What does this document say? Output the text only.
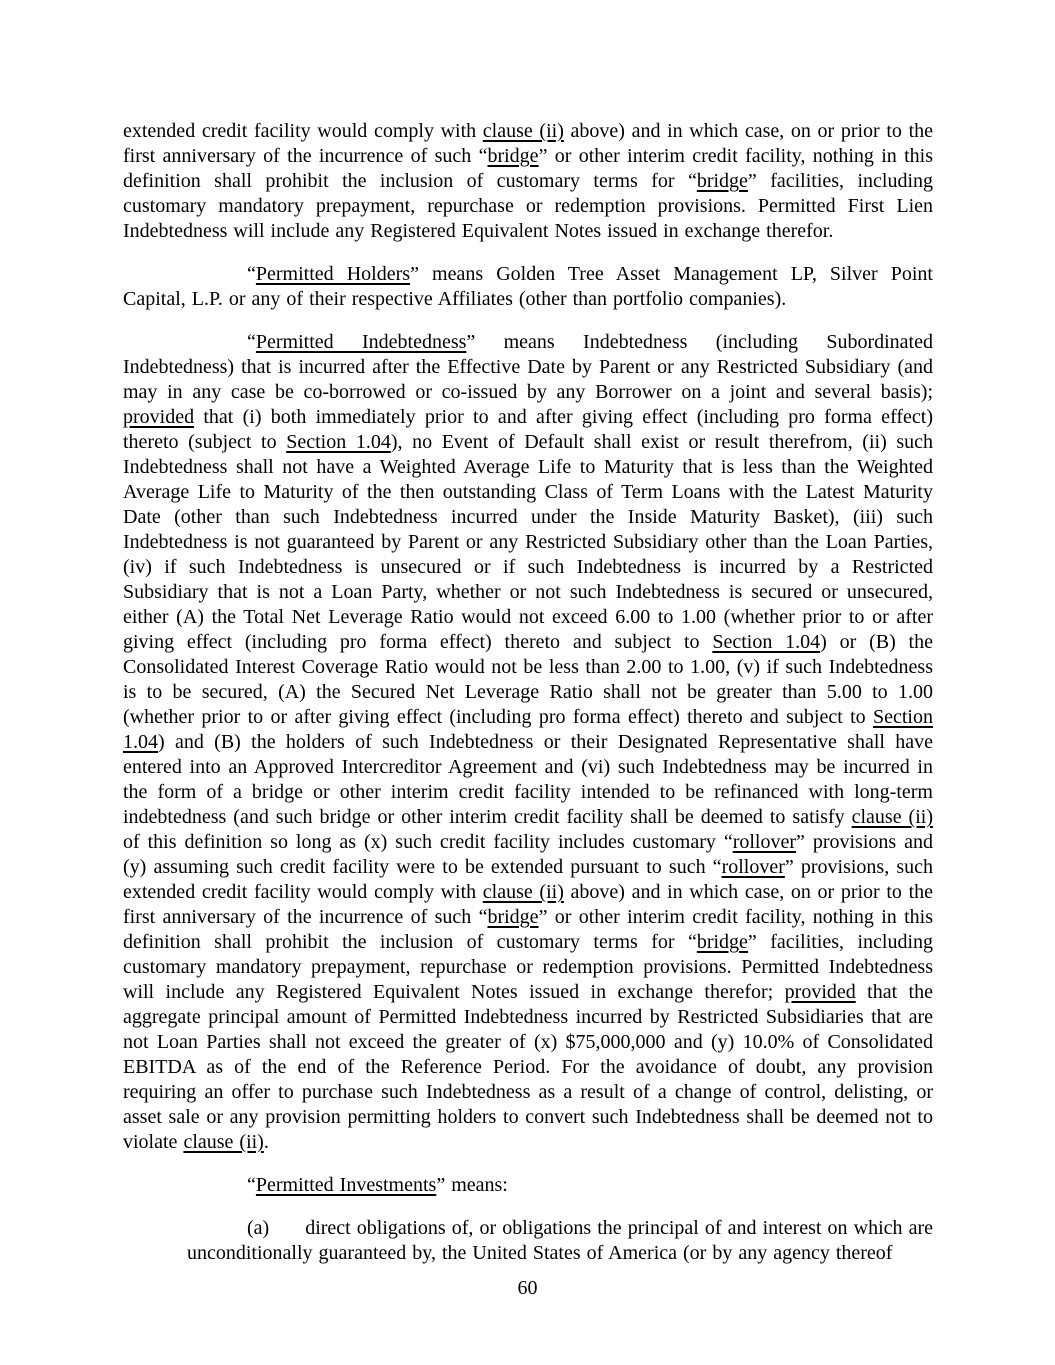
extended credit facility would comply with clause (ii) above) and in which case, on or prior to the first anniversary of the incurrence of such “bridge” or other interim credit facility, nothing in this definition shall prohibit the inclusion of customary terms for “bridge” facilities, including customary mandatory prepayment, repurchase or redemption provisions. Permitted First Lien Indebtedness will include any Registered Equivalent Notes issued in exchange therefor.

“Permitted Holders” means Golden Tree Asset Management LP, Silver Point Capital, L.P. or any of their respective Affiliates (other than portfolio companies).

“Permitted Indebtedness” means Indebtedness (including Subordinated Indebtedness) that is incurred after the Effective Date by Parent or any Restricted Subsidiary (and may in any case be co-borrowed or co-issued by any Borrower on a joint and several basis); provided that (i) both immediately prior to and after giving effect (including pro forma effect) thereto (subject to Section 1.04), no Event of Default shall exist or result therefrom, (ii) such Indebtedness shall not have a Weighted Average Life to Maturity that is less than the Weighted Average Life to Maturity of the then outstanding Class of Term Loans with the Latest Maturity Date (other than such Indebtedness incurred under the Inside Maturity Basket), (iii) such Indebtedness is not guaranteed by Parent or any Restricted Subsidiary other than the Loan Parties, (iv) if such Indebtedness is unsecured or if such Indebtedness is incurred by a Restricted Subsidiary that is not a Loan Party, whether or not such Indebtedness is secured or unsecured, either (A) the Total Net Leverage Ratio would not exceed 6.00 to 1.00 (whether prior to or after giving effect (including pro forma effect) thereto and subject to Section 1.04) or (B) the Consolidated Interest Coverage Ratio would not be less than 2.00 to 1.00, (v) if such Indebtedness is to be secured, (A) the Secured Net Leverage Ratio shall not be greater than 5.00 to 1.00 (whether prior to or after giving effect (including pro forma effect) thereto and subject to Section 1.04) and (B) the holders of such Indebtedness or their Designated Representative shall have entered into an Approved Intercreditor Agreement and (vi) such Indebtedness may be incurred in the form of a bridge or other interim credit facility intended to be refinanced with long-term indebtedness (and such bridge or other interim credit facility shall be deemed to satisfy clause (ii) of this definition so long as (x) such credit facility includes customary “rollover” provisions and (y) assuming such credit facility were to be extended pursuant to such “rollover” provisions, such extended credit facility would comply with clause (ii) above) and in which case, on or prior to the first anniversary of the incurrence of such “bridge” or other interim credit facility, nothing in this definition shall prohibit the inclusion of customary terms for “bridge” facilities, including customary mandatory prepayment, repurchase or redemption provisions. Permitted Indebtedness will include any Registered Equivalent Notes issued in exchange therefor; provided that the aggregate principal amount of Permitted Indebtedness incurred by Restricted Subsidiaries that are not Loan Parties shall not exceed the greater of (x) $75,000,000 and (y) 10.0% of Consolidated EBITDA as of the end of the Reference Period. For the avoidance of doubt, any provision requiring an offer to purchase such Indebtedness as a result of a change of control, delisting, or asset sale or any provision permitting holders to convert such Indebtedness shall be deemed not to violate clause (ii).

“Permitted Investments” means:

(a) direct obligations of, or obligations the principal of and interest on which are unconditionally guaranteed by, the United States of America (or by any agency thereof

60
